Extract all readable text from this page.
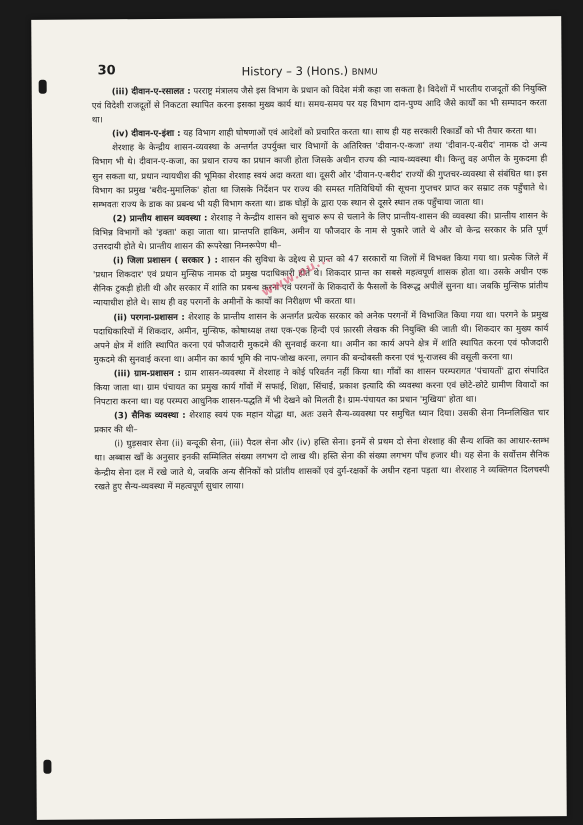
30	History – 3 (Hons.) BNMU

(iii) दीवान-ए-रसालत : परराष्ट्र मंत्रालय जैसे इस विभाग के प्रधान को विदेश मंत्री कहा जा सकता है। विदेशों में भारतीय राजदूतों की नियुक्ति एवं विदेशी राजदूतों से निकटता स्थापित करना इसका मुख्य कार्य था। समय-समय पर यह विभाग दान-पुण्य आदि जैसे कार्यों का भी सम्पादन करता था।

(iv) दीवान-ए-इंशा : यह विभाग शाही घोषणाओं एवं आदेशों को प्रचारित करता था। साथ ही यह सरकारी रिकार्डों को भी तैयार करता था।

शेरशाह के केन्द्रीय शासन-व्यवस्था के अन्तर्गत उपर्युक्त चार विभागों के अतिरिक्त 'दीवान-ए-कजा' तथा 'दीवान-ए-बरीद' नामक दो अन्य विभाग भी थे। दीवान-ए-कजा, का प्रधान राज्य का प्रधान काजी होता जिसके अधीन राज्य की न्याय-व्यवस्था थी। किन्तु वह अपील के मुकदमा ही सुन सकता था, प्रधान न्यायधीश की भूमिका शेरशाह स्वयं अदा करता था। दूसरी ओर 'दीवान-ए-बरीद' राज्यों की गुप्तचर-व्यवस्था से संबंधित था। इस विभाग का प्रमुख 'बरीद-मुमालिक' होता था जिसके निर्देशन पर राज्य की समस्त गतिविधियों की सूचना गुप्तचर प्राप्त कर सम्राट तक पहुँचाते थे। सम्भवतः राज्य के डाक का प्रबन्ध भी यही विभाग करता था। डाक घोड़ों के द्वारा एक स्थान से दूसरे स्थान तक पहुँचाया जाता था।

(2) प्रान्तीय शासन व्यवस्था : शेरशाह ने केन्द्रीय शासन को सुचारु रूप से चलाने के लिए प्रान्तीय-शासन की व्यवस्था की। प्रान्तीय शासन के विभिन्न विभागों को 'इक्ता' कहा जाता था। प्रान्तपति हाकिम, अमीन या फौजदार के नाम से पुकारे जाते थे और वो केन्द्र सरकार के प्रति पूर्ण उत्तरदायी होते थे। प्रान्तीय शासन की रूपरेखा निम्नरूपेण थी–

(i) जिला प्रशासन ( सरकार ) : शासन की सुविधा के उद्देश्य से प्रान्त को 47 सरकारों या जिलों में विभक्त किया गया था। प्रत्येक जिले में 'प्रधान शिकदार' एवं प्रधान मुन्सिफ नामक दो प्रमुख पदाधिकारी होते थे। शिकदार प्रान्त का सबसे महत्वपूर्ण शासक होता था। उसके अधीन एक सैनिक टुकड़ी होती थी और सरकार में शांति का प्रबन्ध करना एवं परगनों के शिकदारों के फैसलों के विरूद्ध अपीलें सुनना था। जबकि मुन्सिफ प्रांतीय न्यायाधीश होते थे। साथ ही वह परगनों के अमीनों के कार्यों का निरीक्षण भी करता था।

(ii) परगना-प्रशासन : शेरशाह के प्रान्तीय शासन के अन्तर्गत प्रत्येक सरकार को अनेक परगनों में विभाजित किया गया था। परगने के प्रमुख पदाधिकारियों में शिकदार, अमीन, मुन्सिफ, कोषाध्यक्ष तथा एक-एक हिन्दी एवं फ़ारसी लेखक की नियुक्ति की जाती थी। शिकदार का मुख्य कार्य अपने क्षेत्र में शांति स्थापित करना एवं फौजदारी मुकदमे की सुनवाई करना था। अमीन का कार्य अपने क्षेत्र में शांति स्थापित करना एवं फौजदारी मुकदमे की सुनवाई करना था। अमीन का कार्य भूमि की नाप-जोख करना, लगान की बन्दोबस्ती करना एवं भू-राजस्व की वसूली करना था।

(iii) ग्राम-प्रशासन : ग्राम शासन-व्यवस्था में शेरशाह ने कोई परिवर्तन नहीं किया था। गाँवों का शासन परम्परागत 'पंचायतों' द्वारा संपादित किया जाता था। ग्राम पंचायत का प्रमुख कार्य गाँवों में सफाई, शिक्षा, सिंचाई, प्रकाश इत्यादि की व्यवस्था करना एवं छोटे-छोटे ग्रामीण विवादों का निपटारा करना था। यह परम्परा आधुनिक शासन-पद्धति में भी देखने को मिलती है। ग्राम-पंचायत का प्रधान 'मुखिया' होता था।

(3) सैनिक व्यवस्था : शेरशाह स्वयं एक महान योद्धा था, अतः उसने सैन्य-व्यवस्था पर समुचित ध्यान दिया। उसकी सेना निम्नलिखित चार प्रकार की थी–

(i) घुड़सवार सेना (ii) बन्दूकी सेना, (iii) पैदल सेना और (iv) हस्ति सेना। इनमें से प्रथम दो सेना शेरशाह की सैन्य शक्ति का आधार-स्तम्भ था। अब्बास खाँ के अनुसार इनकी सम्मिलित संख्या लगभग दो लाख थी। हस्ति सेना की संख्या लगभग पाँच हजार थी। यह सेना के सर्वोत्तम सैनिक केन्द्रीय सेना दल में रखे जाते थे, जबकि अन्य सैनिकों को प्रांतीय शासकों एवं दुर्ग-रक्षकों के अधीन रहना पड़ता था। शेरशाह ने व्यक्तिगत दिलचस्पी रखते हुए सैन्य-व्यवस्था में महत्वपूर्ण सुधार लाया।

www.ou...
